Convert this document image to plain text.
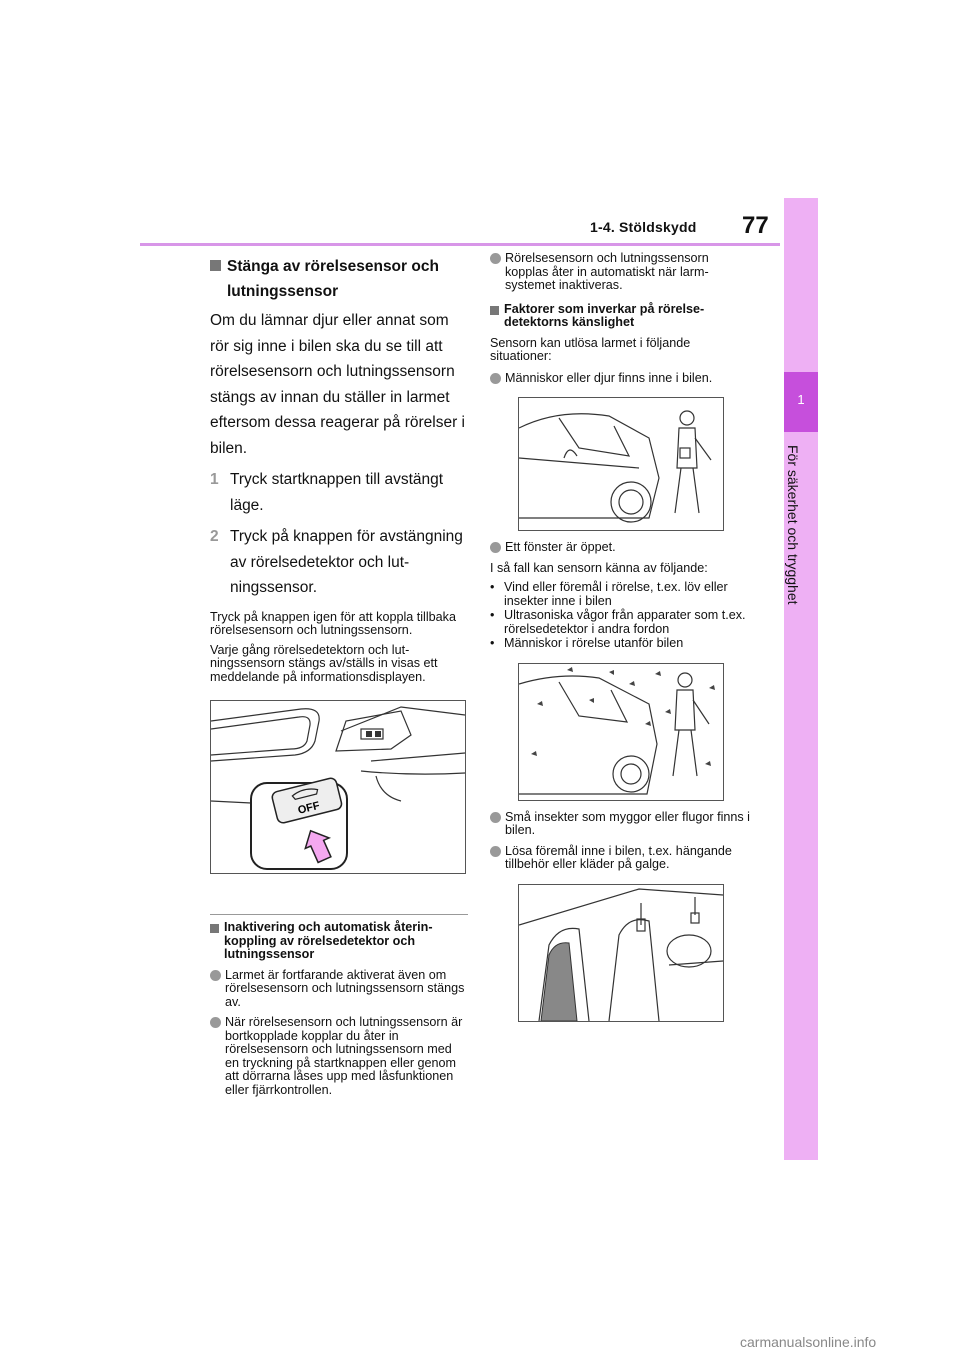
1-4. Stöldskydd 77
1
För säkerhet och trygghet
Stänga av rörelsesensor och lutningssensor

Om du lämnar djur eller annat som rör sig inne i bilen ska du se till att rörelsesensorn och lutningssensorn stängs av innan du ställer in larmet eftersom dessa reagerar på rörelser i bilen.

1 Tryck startknappen till avstängt läge.
2 Tryck på knappen för avstängning av rörelsedetektor och lutningssensor.

Tryck på knappen igen för att koppla tillbaka rörelsesensorn och lutningssensorn.

Varje gång rörelsedetektorn och lutningssensorn stängs av/ställs in visas ett meddelande på informationsdisplayen.

OFF
Inaktivering och automatisk återinkoppling av rörelsedetektor och lutningssensor
Larmet är fortfarande aktiverat även om rörelsesensorn och lutningssensorn stängs av.
När rörelsesensorn och lutningssensorn är bortkopplade kopplar du åter in rörelsesensorn och lutningssensorn med en tryckning på startknappen eller genom att dörrarna låses upp med låsfunktionen eller fjärrkontrollen.
Rörelsesensorn och lutningssensorn kopplas åter in automatiskt när larmsystemet inaktiveras.
Faktorer som inverkar på rörelsedetektorns känslighet

Sensorn kan utlösa larmet i följande situationer:

Människor eller djur finns inne i bilen.
Ett fönster är öppet.

I så fall kan sensorn känna av följande:

• Vind eller föremål i rörelse, t.ex. löv eller insekter inne i bilen
• Ultrasoniska vågor från apparater som t.ex. rörelsedetektor i andra fordon
• Människor i rörelse utanför bilen
Små insekter som myggor eller flugor finns i bilen.
Lösa föremål inne i bilen, t.ex. hängande tillbehör eller kläder på galge.
carmanualsonline.info
